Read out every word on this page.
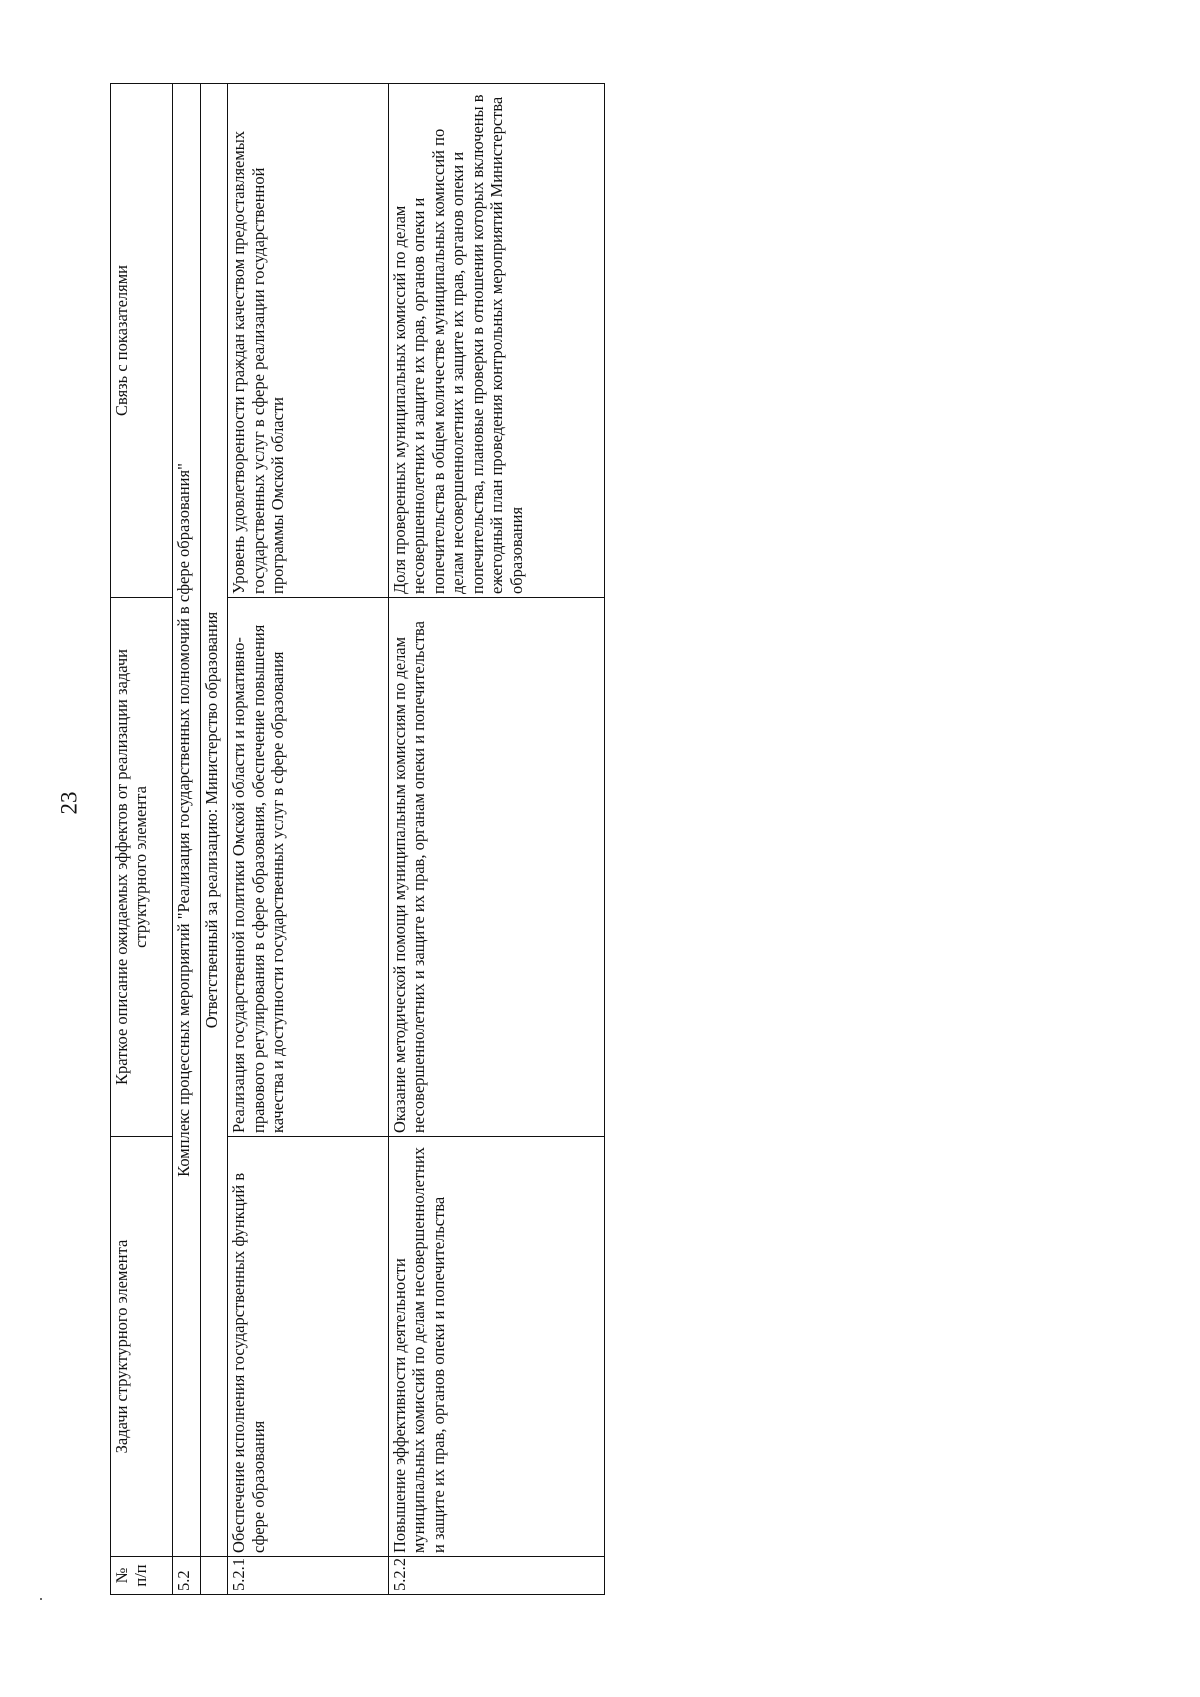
23
№ п/п	Задачи структурного элемента	Краткое описание ожидаемых эффектов от реализации задачи структурного элемента	Связь с показателями
5.2	Комплекс процессных мероприятий "Реализация государственных полномочий в сфере образования"		
	Ответственный за реализацию: Министерство образования		
5.2.1	Обеспечение исполнения государственных функций в сфере образования	Реализация государственной политики Омской области и нормативно-правового регулирования в сфере образования, обеспечение повышения качества и доступности государственных услуг в сфере образования	Уровень удовлетворенности граждан качеством предоставляемых государственных услуг в сфере реализации государственной программы Омской области
5.2.2	Повышение эффективности деятельности муниципальных комиссий по делам несовершеннолетних и защите их прав, органов опеки и попечительства	Оказание методической помощи муниципальным комиссиям по делам несовершеннолетних и защите их прав, органам опеки и попечительства	Доля проверенных муниципальных комиссий по делам несовершеннолетних и защите их прав, органов опеки и попечительства в общем количестве муниципальных комиссий по делам несовершеннолетних и защите их прав, органов опеки и попечительства, плановые проверки в отношении которых включены в ежегодный план проведения контрольных мероприятий Министерства образования
